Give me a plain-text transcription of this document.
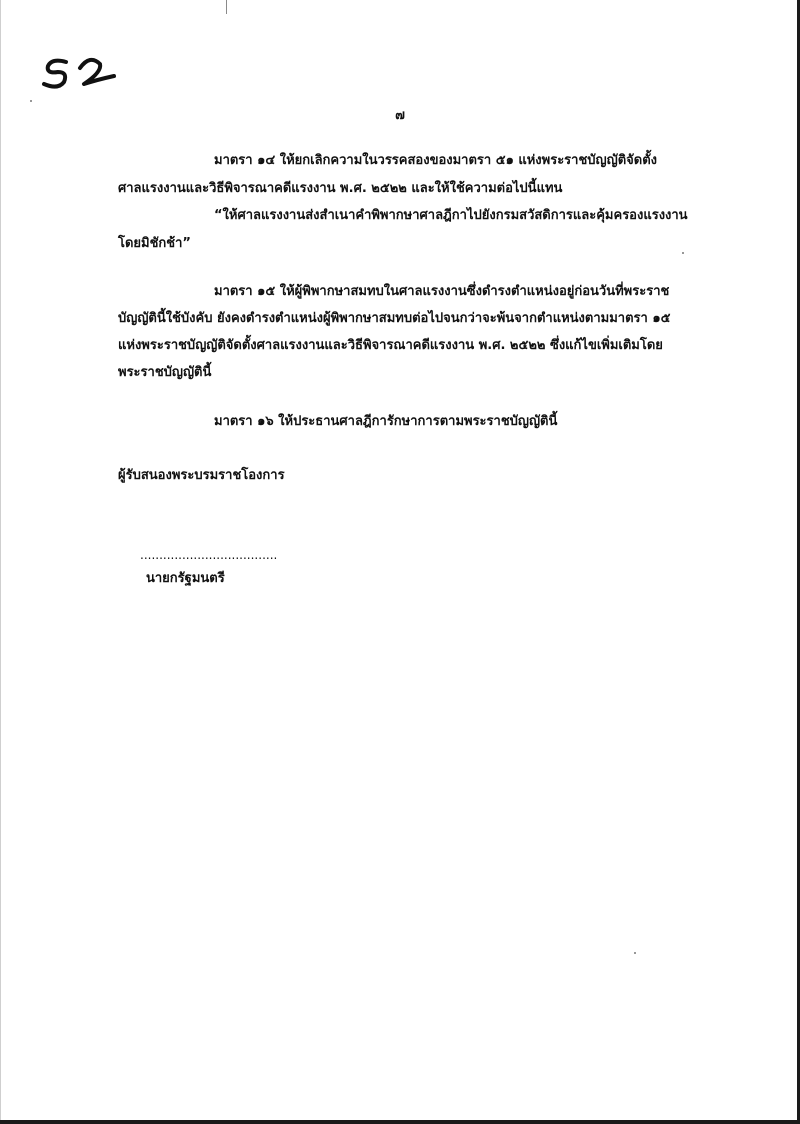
๗
มาตรา ๑๔ ให้ยกเลิกความในวรรคสองของมาตรา ๕๑ แห่งพระราชบัญญัติจัดตั้ง
ศาลแรงงานและวิธีพิจารณาคดีแรงงาน พ.ศ. ๒๕๒๒ และให้ใช้ความต่อไปนี้แทน
“ให้ศาลแรงงานส่งสำเนาคำพิพากษาศาลฎีกาไปยังกรมสวัสดิการและคุ้มครองแรงงาน
โดยมิชักช้า”
มาตรา ๑๕ ให้ผู้พิพากษาสมทบในศาลแรงงานซึ่งดำรงตำแหน่งอยู่ก่อนวันที่พระราช
บัญญัตินี้ใช้บังคับ ยังคงดำรงตำแหน่งผู้พิพากษาสมทบต่อไปจนกว่าจะพ้นจากตำแหน่งตามมาตรา ๑๕
แห่งพระราชบัญญัติจัดตั้งศาลแรงงานและวิธีพิจารณาคดีแรงงาน พ.ศ. ๒๕๒๒ ซึ่งแก้ไขเพิ่มเติมโดย
พระราชบัญญัตินี้
มาตรา ๑๖ ให้ประธานศาลฎีการักษาการตามพระราชบัญญัตินี้
ผู้รับสนองพระบรมราชโองการ
....................................
นายกรัฐมนตรี
